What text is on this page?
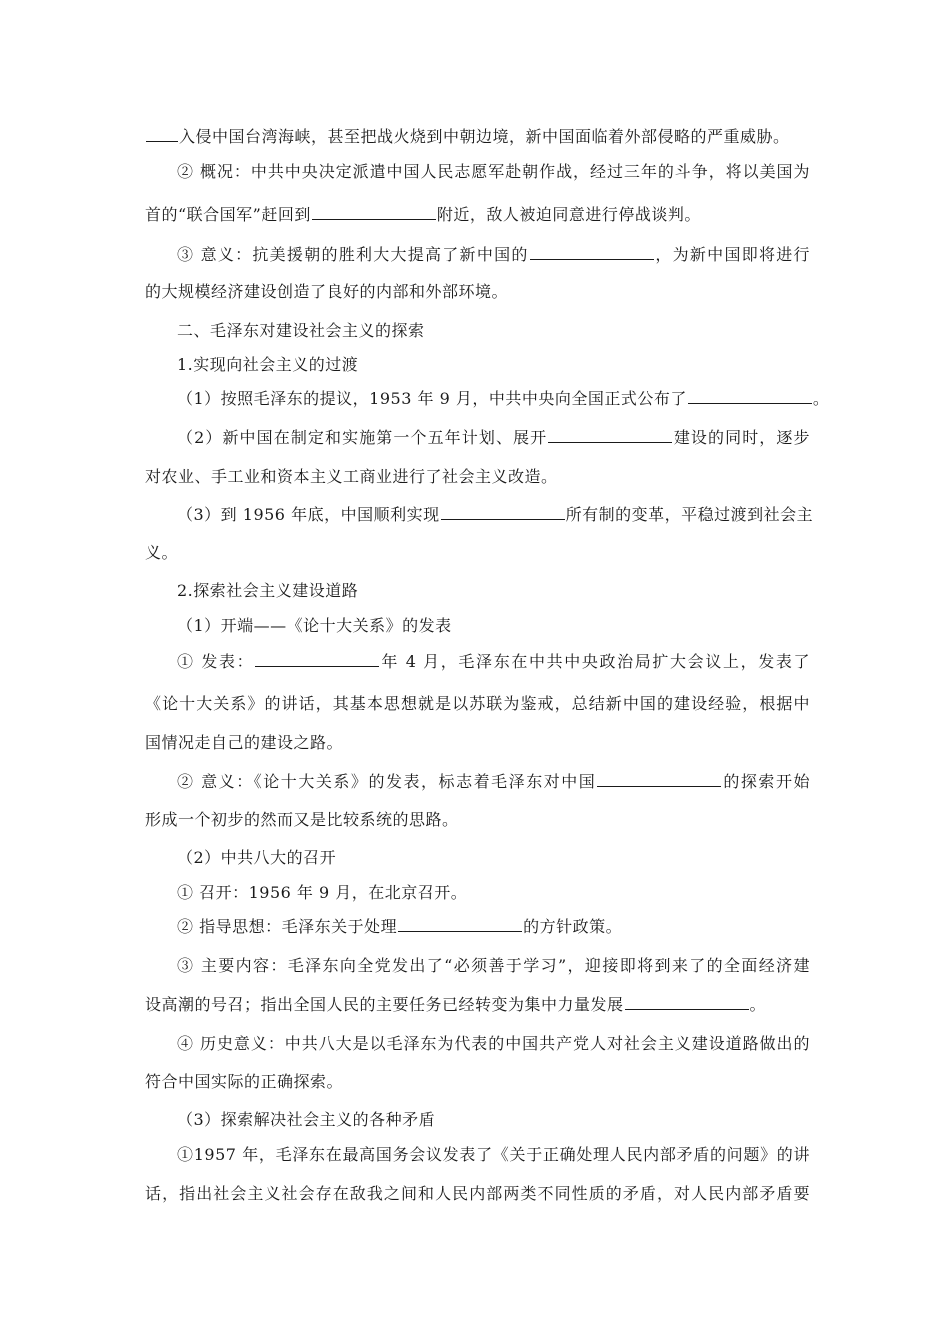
入侵中国台湾海峡，甚至把战火烧到中朝边境，新中国面临着外部侵略的严重威胁。
② 概况：中共中央决定派遣中国人民志愿军赴朝作战，经过三年的斗争，将以美国为
首的“联合国军”赶回到	附近，敌人被迫同意进行停战谈判。
③ 意义：抗美援朝的胜利大大提高了新中国的	，为新中国即将进行
的大规模经济建设创造了良好的内部和外部环境。
二、毛泽东对建设社会主义的探索
1.实现向社会主义的过渡
（1）按照毛泽东的提议，1953 年 9 月，中共中央向全国正式公布了	。
（2）新中国在制定和实施第一个五年计划、展开	建设的同时，逐步
对农业、手工业和资本主义工商业进行了社会主义改造。
（3）到 1956 年底，中国顺利实现	所有制的变革，平稳过渡到社会主
义。
2.探索社会主义建设道路
（1）开端——《论十大关系》的发表
① 发表：	年 4 月，毛泽东在中共中央政治局扩大会议上，发表了
《论十大关系》的讲话，其基本思想就是以苏联为鉴戒，总结新中国的建设经验，根据中
国情况走自己的建设之路。
② 意义：《论十大关系》的发表，标志着毛泽东对中国	的探索开始
形成一个初步的然而又是比较系统的思路。
（2）中共八大的召开
① 召开：1956 年 9 月，在北京召开。
② 指导思想：毛泽东关于处理	的方针政策。
③ 主要内容：毛泽东向全党发出了“必须善于学习”，迎接即将到来了的全面经济建
设高潮的号召；指出全国人民的主要任务已经转变为集中力量发展	。
④ 历史意义：中共八大是以毛泽东为代表的中国共产党人对社会主义建设道路做出的
符合中国实际的正确探索。
（3）探索解决社会主义的各种矛盾
①1957 年，毛泽东在最高国务会议发表了《关于正确处理人民内部矛盾的问题》的讲
话，指出社会主义社会存在敌我之间和人民内部两类不同性质的矛盾，对人民内部矛盾要
